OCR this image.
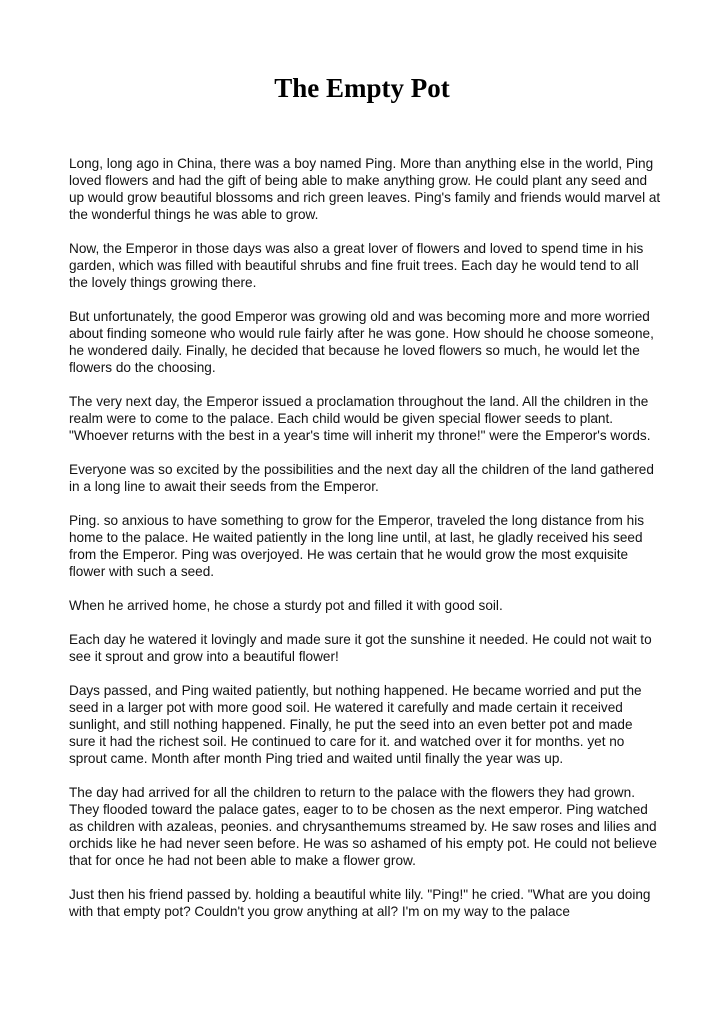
The Empty Pot

Long, long ago in China, there was a boy named Ping. More than anything else in the world, Ping loved flowers and had the gift of being able to make anything grow. He could plant any seed and up would grow beautiful blossoms and rich green leaves. Ping's family and friends would marvel at the wonderful things he was able to grow.

Now, the Emperor in those days was also a great lover of flowers and loved to spend time in his garden, which was filled with beautiful shrubs and fine fruit trees. Each day he would tend to all the lovely things growing there.

But unfortunately, the good Emperor was growing old and was becoming more and more worried about finding someone who would rule fairly after he was gone. How should he choose someone, he wondered daily. Finally, he decided that because he loved flowers so much, he would let the flowers do the choosing.

The very next day, the Emperor issued a proclamation throughout the land. All the children in the realm were to come to the palace. Each child would be given special flower seeds to plant. "Whoever returns with the best in a year's time will inherit my throne!" were the Emperor's words.

Everyone was so excited by the possibilities and the next day all the children of the land gathered in a long line to await their seeds from the Emperor.

Ping. so anxious to have something to grow for the Emperor, traveled the long distance from his home to the palace. He waited patiently in the long line until, at last, he gladly received his seed from the Emperor. Ping was overjoyed. He was certain that he would grow the most exquisite flower with such a seed.

When he arrived home, he chose a sturdy pot and filled it with good soil.

Each day he watered it lovingly and made sure it got the sunshine it needed. He could not wait to see it sprout and grow into a beautiful flower!

Days passed, and Ping waited patiently, but nothing happened. He became worried and put the seed in a larger pot with more good soil. He watered it carefully and made certain it received sunlight, and still nothing happened. Finally, he put the seed into an even better pot and made sure it had the richest soil. He continued to care for it. and watched over it for months. yet no sprout came. Month after month Ping tried and waited until finally the year was up.

The day had arrived for all the children to return to the palace with the flowers they had grown. They flooded toward the palace gates, eager to to be chosen as the next emperor. Ping watched as children with azaleas, peonies. and chrysanthemums streamed by. He saw roses and lilies and orchids like he had never seen before. He was so ashamed of his empty pot. He could not believe that for once he had not been able to make a flower grow.

Just then his friend passed by. holding a beautiful white lily. "Ping!" he cried. "What are you doing with that empty pot? Couldn't you grow anything at all? I'm on my way to the palace
